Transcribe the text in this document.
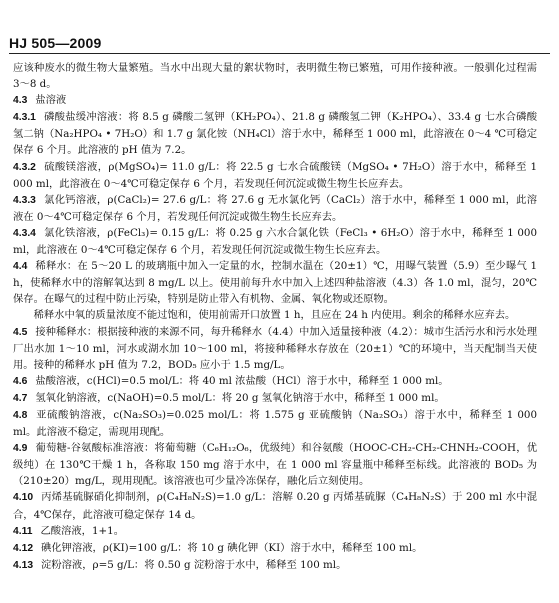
HJ 505—2009

应该种废水的微生物大量繁殖。当水中出现大量的絮状物时，表明微生物已繁殖，可用作接种液。一般驯化过程需 3～8 d。

4.3 盐溶液

4.3.1 磷酸盐缓冲溶液：将 8.5 g 磷酸二氢钾（KH₂PO₄）、21.8 g 磷酸氢二钾（K₂HPO₄）、33.4 g 七水合磷酸氢二钠（Na₂HPO₄ • 7H₂O）和 1.7 g 氯化铵（NH₄Cl）溶于水中，稀释至 1 000 ml，此溶液在 0～4 ℃可稳定保存 6 个月。此溶液的 pH 值为 7.2。

4.3.2 硫酸镁溶液，ρ(MgSO₄)= 11.0 g/L：将 22.5 g 七水合硫酸镁（MgSO₄ • 7H₂O）溶于水中，稀释至 1 000 ml，此溶液在 0～4℃可稳定保存 6 个月，若发现任何沉淀或微生物生长应弃去。

4.3.3 氯化钙溶液，ρ(CaCl₂)= 27.6 g/L：将 27.6 g 无水氯化钙（CaCl₂）溶于水中，稀释至 1 000 ml，此溶液在 0～4℃可稳定保存 6 个月，若发现任何沉淀或微生物生长应弃去。

4.3.4 氯化铁溶液，ρ(FeCl₃)= 0.15 g/L：将 0.25 g 六水合氯化铁（FeCl₃ • 6H₂O）溶于水中，稀释至 1 000 ml，此溶液在 0～4℃可稳定保存 6 个月，若发现任何沉淀或微生物生长应弃去。

4.4 稀释水：在 5～20 L 的玻璃瓶中加入一定量的水，控制水温在（20±1）℃，用曝气装置（5.9）至少曝气 1 h，使稀释水中的溶解氧达到 8 mg/L 以上。使用前每升水中加入上述四种盐溶液（4.3）各 1.0 ml，混匀，20℃保存。在曝气的过程中防止污染，特别是防止带入有机物、金属、氧化物或还原物。

稀释水中氧的质量浓度不能过饱和，使用前需开口放置 1 h，且应在 24 h 内使用。剩余的稀释水应弃去。

4.5 接种稀释水：根据接种液的来源不同，每升稀释水（4.4）中加入适量接种液（4.2）：城市生活污水和污水处理厂出水加 1～10 ml，河水或湖水加 10～100 ml，将接种稀释水存放在（20±1）℃的环境中，当天配制当天使用。接种的稀释水 pH 值为 7.2，BOD₅ 应小于 1.5 mg/L。

4.6 盐酸溶液，c(HCl)=0.5 mol/L：将 40 ml 浓盐酸（HCl）溶于水中，稀释至 1 000 ml。

4.7 氢氧化钠溶液，c(NaOH)=0.5 mol/L：将 20 g 氢氧化钠溶于水中，稀释至 1 000 ml。

4.8 亚硫酸钠溶液，c(Na₂SO₃)=0.025 mol/L：将 1.575 g 亚硫酸钠（Na₂SO₃）溶于水中，稀释至 1 000 ml。此溶液不稳定，需现用现配。

4.9 葡萄糖-谷氨酸标准溶液：将葡萄糖（C₆H₁₂O₆，优级纯）和谷氨酸（HOOC-CH₂-CH₂-CHNH₂-COOH，优级纯）在 130℃干燥 1 h，各称取 150 mg 溶于水中，在 1 000 ml 容量瓶中稀释至标线。此溶液的 BOD₅ 为（210±20）mg/L，现用现配。该溶液也可少量冷冻保存，融化后立刻使用。

4.10 丙烯基硫脲硝化抑制剂，ρ(C₄H₈N₂S)=1.0 g/L：溶解 0.20 g 丙烯基硫脲（C₄H₈N₂S）于 200 ml 水中混合，4℃保存，此溶液可稳定保存 14 d。

4.11 乙酸溶液，1+1。

4.12 碘化钾溶液，ρ(KI)=100 g/L：将 10 g 碘化钾（KI）溶于水中，稀释至 100 ml。

4.13 淀粉溶液，ρ=5 g/L：将 0.50 g 淀粉溶于水中，稀释至 100 ml。
